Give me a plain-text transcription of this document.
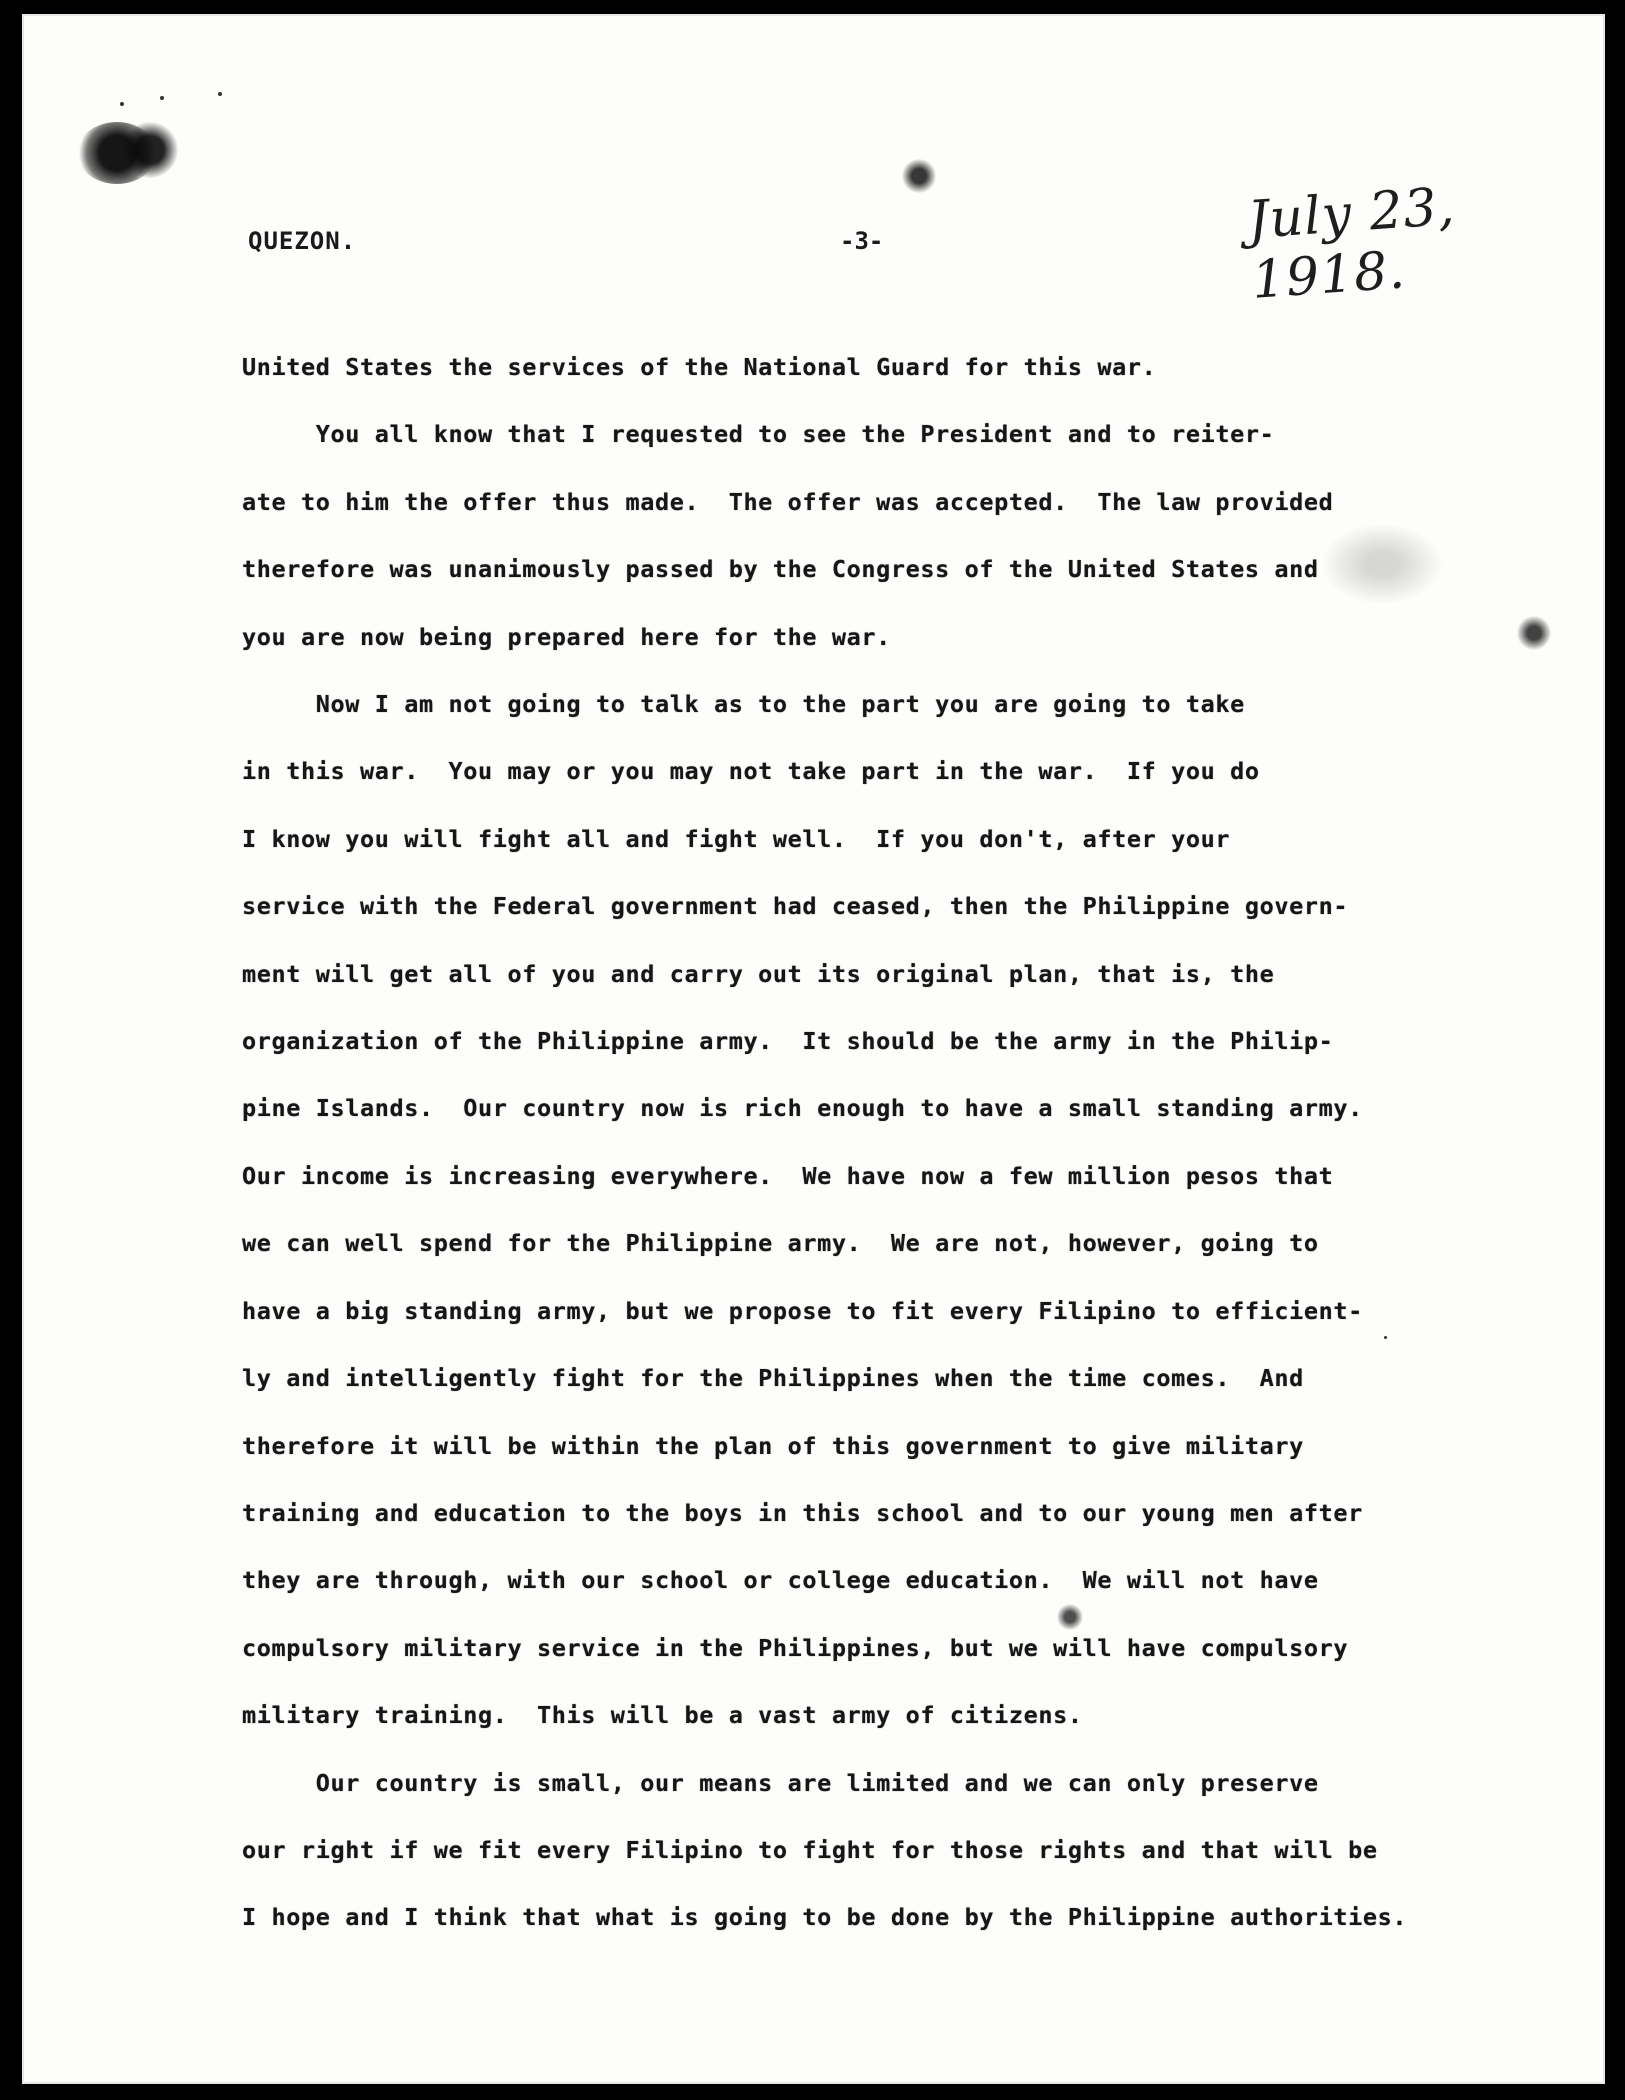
QUEZON.	-3-	July 23, 1918.
United States the services of the National Guard for this war.
You all know that I requested to see the President and to reiter-
ate to him the offer thus made.  The offer was accepted.  The law provided
therefore was unanimously passed by the Congress of the United States and
you are now being prepared here for the war.
Now I am not going to talk as to the part you are going to take
in this war.  You may or you may not take part in the war.  If you do
I know you will fight all and fight well.  If you don't, after your
service with the Federal government had ceased, then the Philippine govern-
ment will get all of you and carry out its original plan, that is, the
organization of the Philippine army.  It should be the army in the Philip-
pine Islands.  Our country now is rich enough to have a small standing army.
Our income is increasing everywhere.  We have now a few million pesos that
we can well spend for the Philippine army.  We are not, however, going to
have a big standing army, but we propose to fit every Filipino to efficient-
ly and intelligently fight for the Philippines when the time comes.  And
therefore it will be within the plan of this government to give military
training and education to the boys in this school and to our young men after
they are through, with our school or college education.  We will not have
compulsory military service in the Philippines, but we will have compulsory
military training.  This will be a vast army of citizens.
Our country is small, our means are limited and we can only preserve
our right if we fit every Filipino to fight for those rights and that will be
I hope and I think that what is going to be done by the Philippine authorities.
